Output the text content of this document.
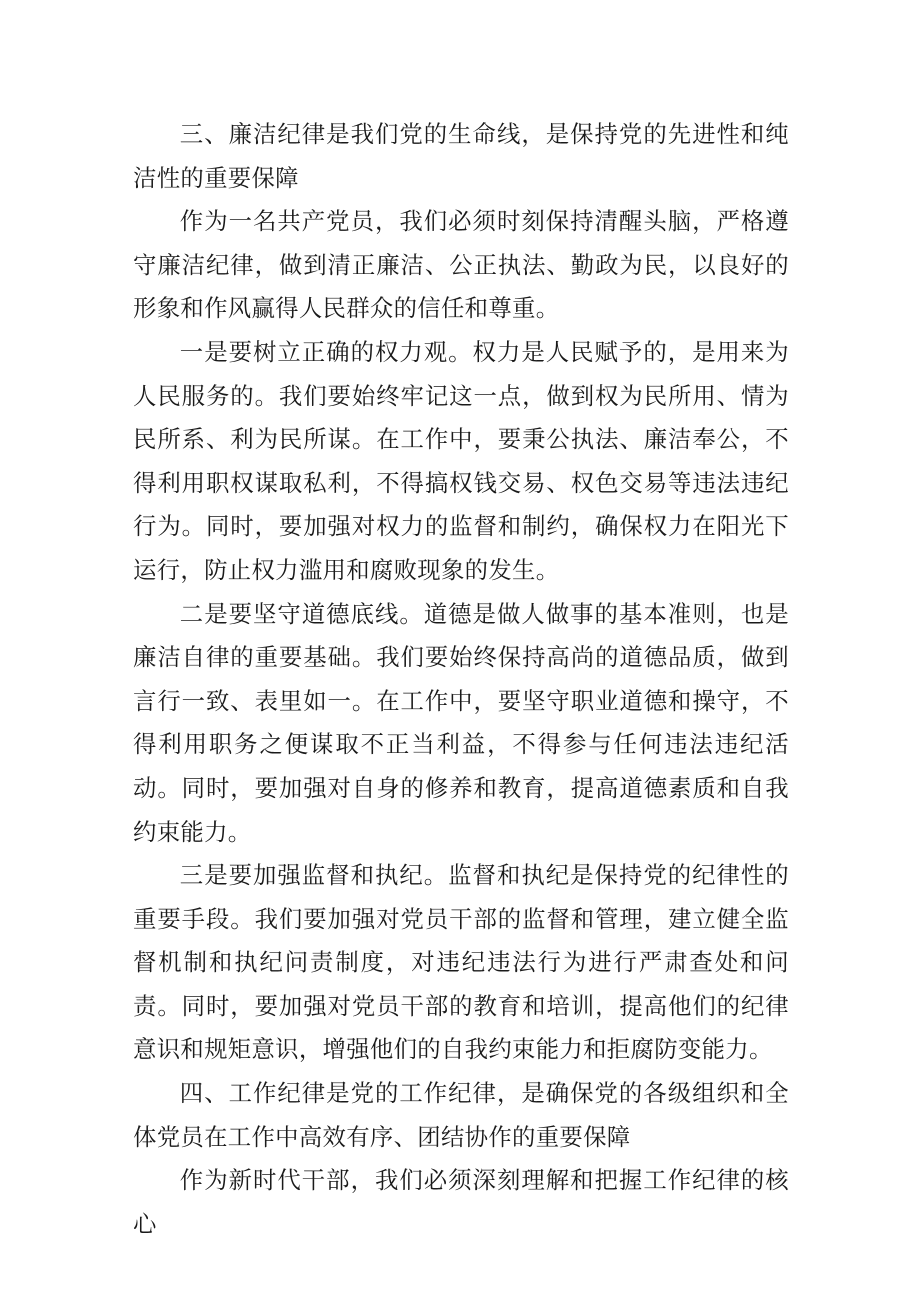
三、廉洁纪律是我们党的生命线，是保持党的先进性和纯洁性的重要保障

作为一名共产党员，我们必须时刻保持清醒头脑，严格遵守廉洁纪律，做到清正廉洁、公正执法、勤政为民，以良好的形象和作风赢得人民群众的信任和尊重。

一是要树立正确的权力观。权力是人民赋予的，是用来为人民服务的。我们要始终牢记这一点，做到权为民所用、情为民所系、利为民所谋。在工作中，要秉公执法、廉洁奉公，不得利用职权谋取私利，不得搞权钱交易、权色交易等违法违纪行为。同时，要加强对权力的监督和制约，确保权力在阳光下运行，防止权力滥用和腐败现象的发生。

二是要坚守道德底线。道德是做人做事的基本准则，也是廉洁自律的重要基础。我们要始终保持高尚的道德品质，做到言行一致、表里如一。在工作中，要坚守职业道德和操守，不得利用职务之便谋取不正当利益，不得参与任何违法违纪活动。同时，要加强对自身的修养和教育，提高道德素质和自我约束能力。

三是要加强监督和执纪。监督和执纪是保持党的纪律性的重要手段。我们要加强对党员干部的监督和管理，建立健全监督机制和执纪问责制度，对违纪违法行为进行严肃查处和问责。同时，要加强对党员干部的教育和培训，提高他们的纪律意识和规矩意识，增强他们的自我约束能力和拒腐防变能力。

四、工作纪律是党的工作纪律，是确保党的各级组织和全体党员在工作中高效有序、团结协作的重要保障

作为新时代干部，我们必须深刻理解和把握工作纪律的核心
